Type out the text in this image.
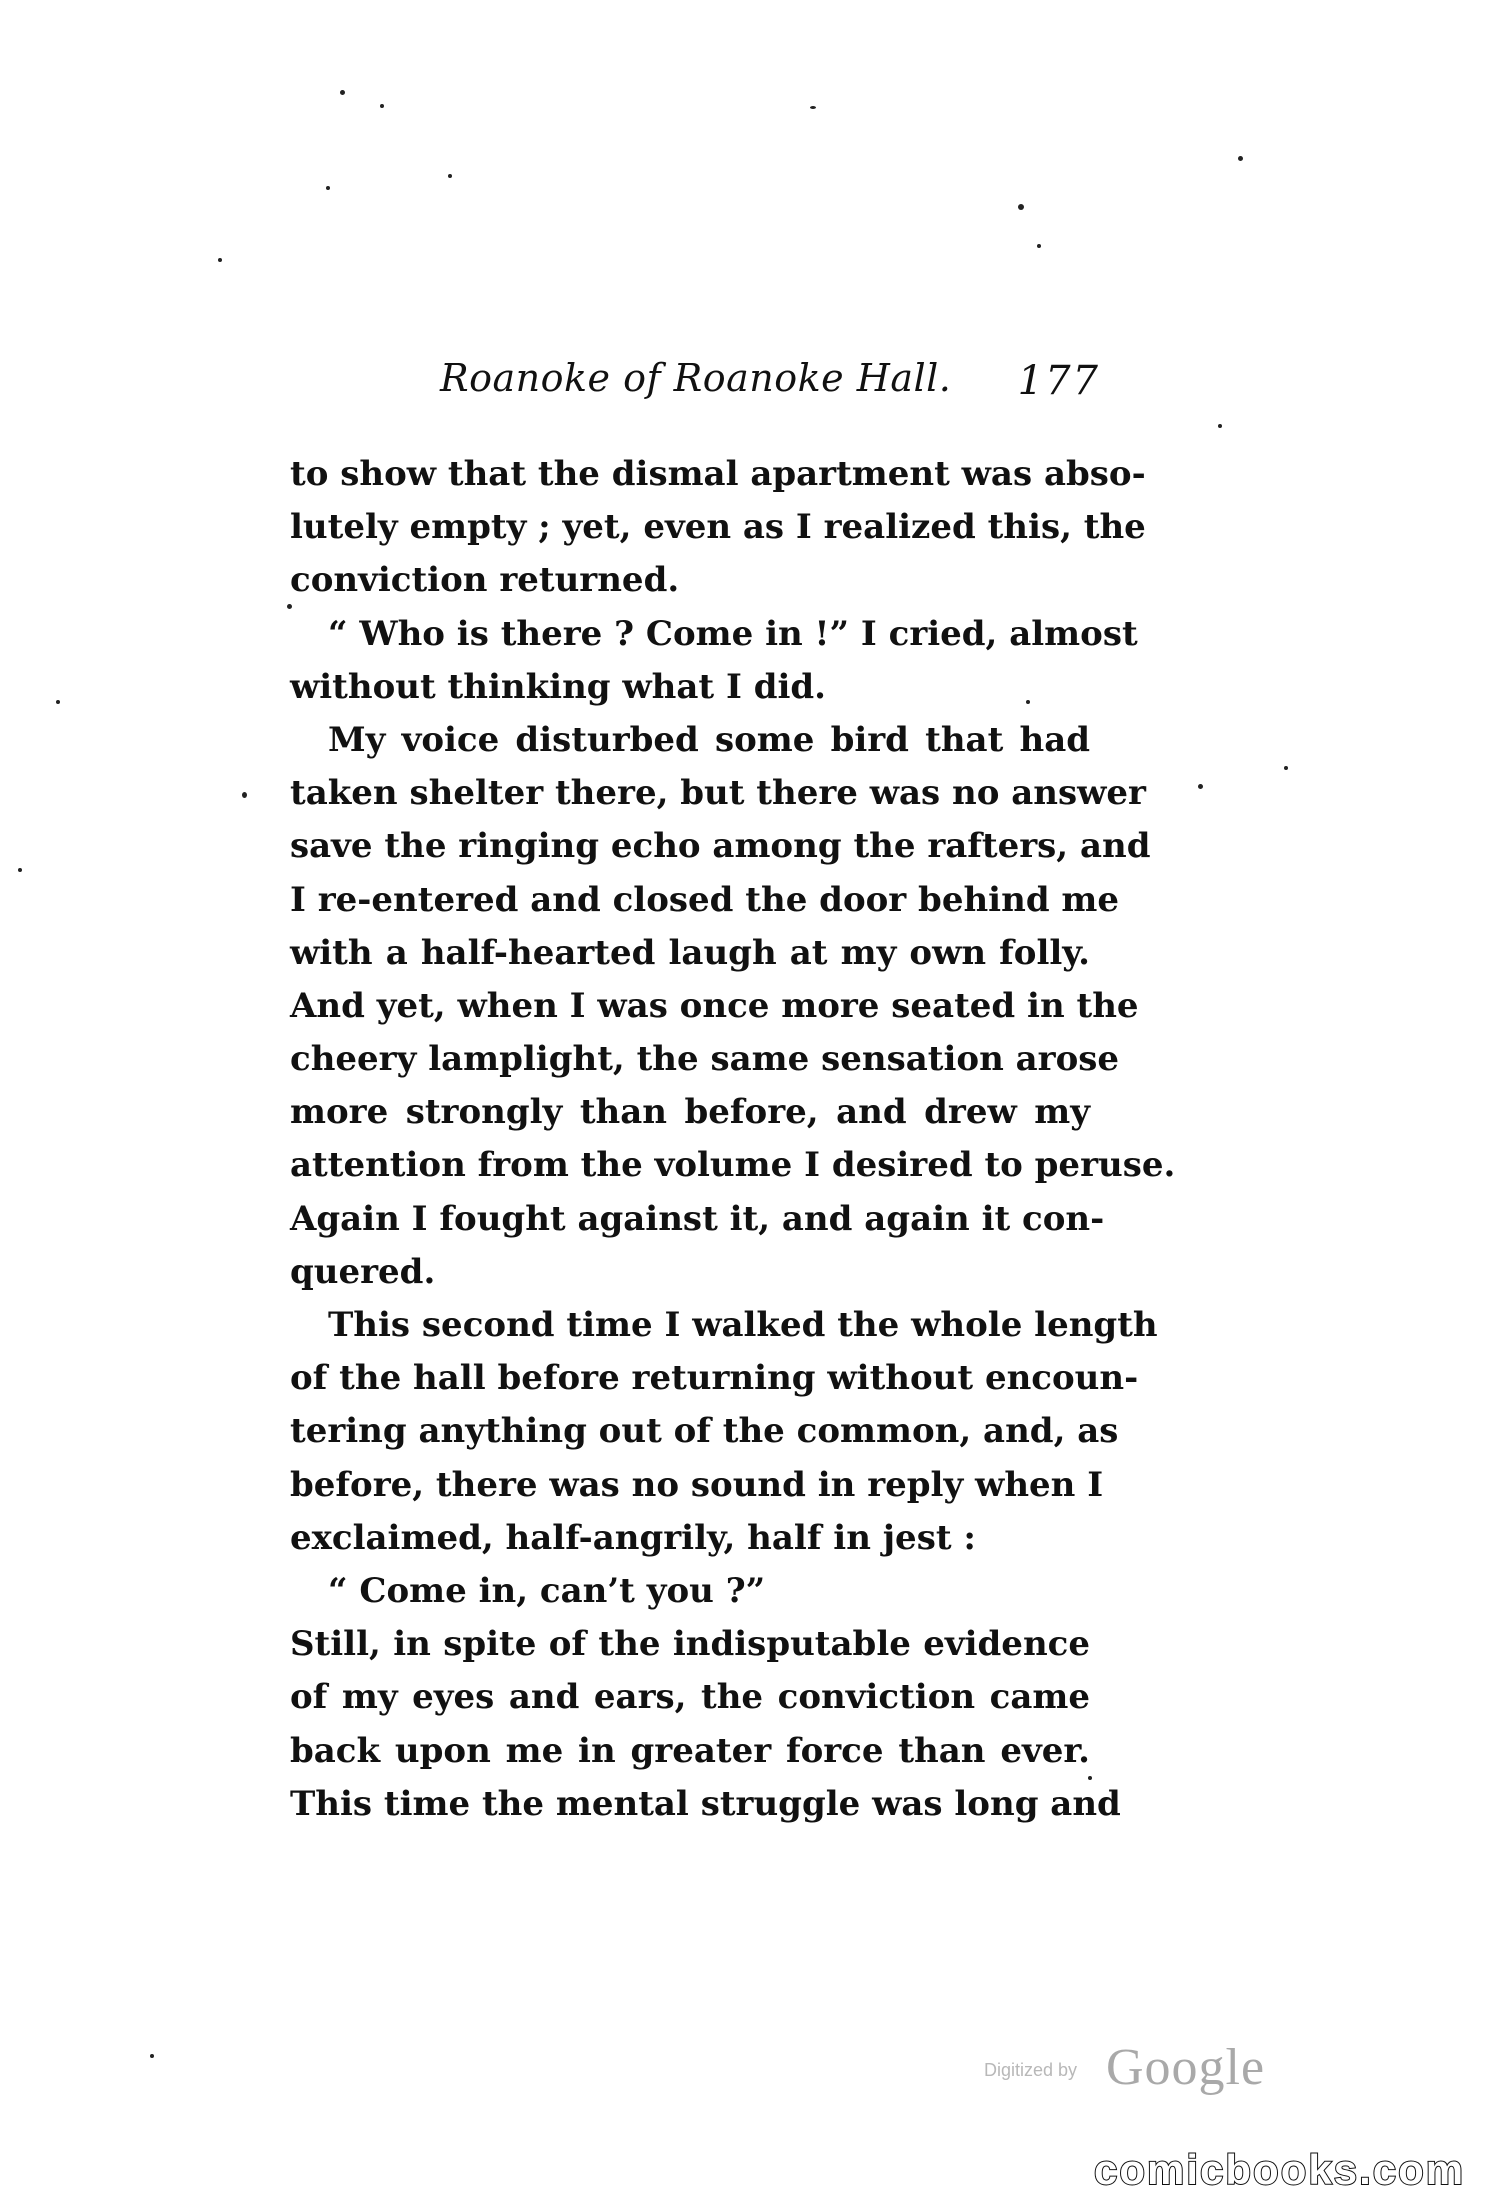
Roanoke of Roanoke Hall. 177
to show that the dismal apartment was abso-
lutely empty ; yet, even as I realized this, the
conviction returned.
“ Who is there ? Come in !” I cried, almost
without thinking what I did.
My voice disturbed some bird that had
taken shelter there, but there was no answer
save the ringing echo among the rafters, and
I re-entered and closed the door behind me
with a half-hearted laugh at my own folly.
And yet, when I was once more seated in the
cheery lamplight, the same sensation arose
more strongly than before, and drew my
attention from the volume I desired to peruse.
Again I fought against it, and again it con-
quered.
This second time I walked the whole length
of the hall before returning without encoun-
tering anything out of the common, and, as
before, there was no sound in reply when I
exclaimed, half-angrily, half in jest :
“ Come in, can’t you ?”
Still, in spite of the indisputable evidence
of my eyes and ears, the conviction came
back upon me in greater force than ever.
This time the mental struggle was long and
Digitized by Google
comicbooks.com
